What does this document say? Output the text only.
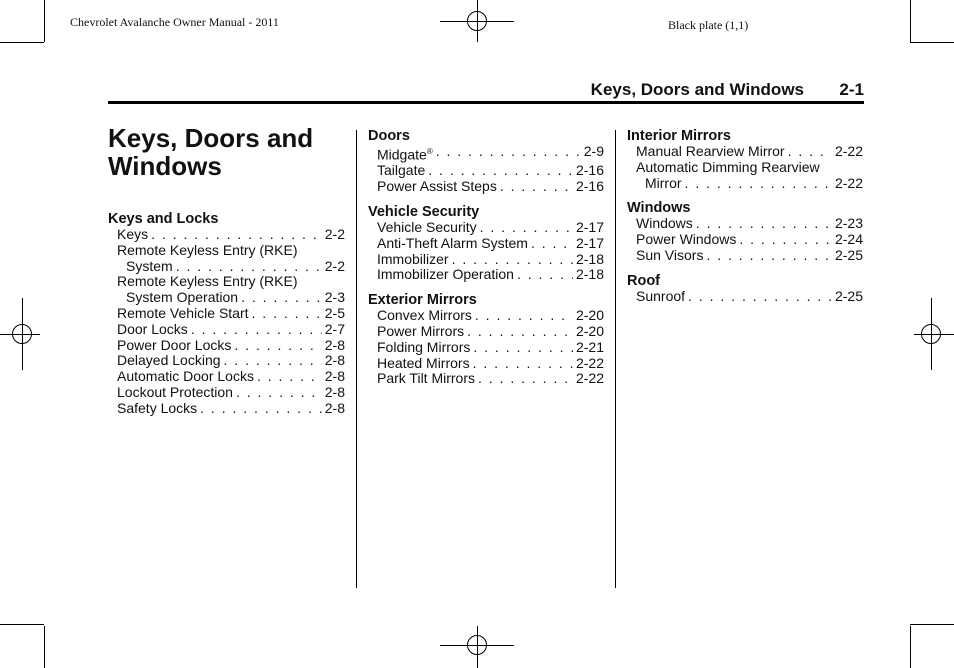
Chevrolet Avalanche Owner Manual - 2011	Black plate (1,1)
Keys, Doors and Windows 2-1
Keys, Doors and Windows
Keys and Locks
Keys . . .	2-2
Remote Keyless Entry (RKE)
System . . .	2-2
Remote Keyless Entry (RKE)
System Operation . . .	2-3
Remote Vehicle Start . . .	2-5
Door Locks . . .	2-7
Power Door Locks . . .	2-8
Delayed Locking . . .	2-8
Automatic Door Locks . . .	2-8
Lockout Protection . . .	2-8
Safety Locks . . .	2-8
Doors
Midgate® . . .	2-9
Tailgate . . .	2-16
Power Assist Steps . . .	2-16
Vehicle Security
Vehicle Security . . .	2-17
Anti-Theft Alarm System . . .	2-17
Immobilizer . . .	2-18
Immobilizer Operation . . .	2-18
Exterior Mirrors
Convex Mirrors . . .	2-20
Power Mirrors . . .	2-20
Folding Mirrors . . .	2-21
Heated Mirrors . . .	2-22
Park Tilt Mirrors . . .	2-22
Interior Mirrors
Manual Rearview Mirror . . .	2-22
Automatic Dimming Rearview
Mirror . . .	2-22
Windows
Windows . . .	2-23
Power Windows . . .	2-24
Sun Visors . . .	2-25
Roof
Sunroof . . .	2-25
